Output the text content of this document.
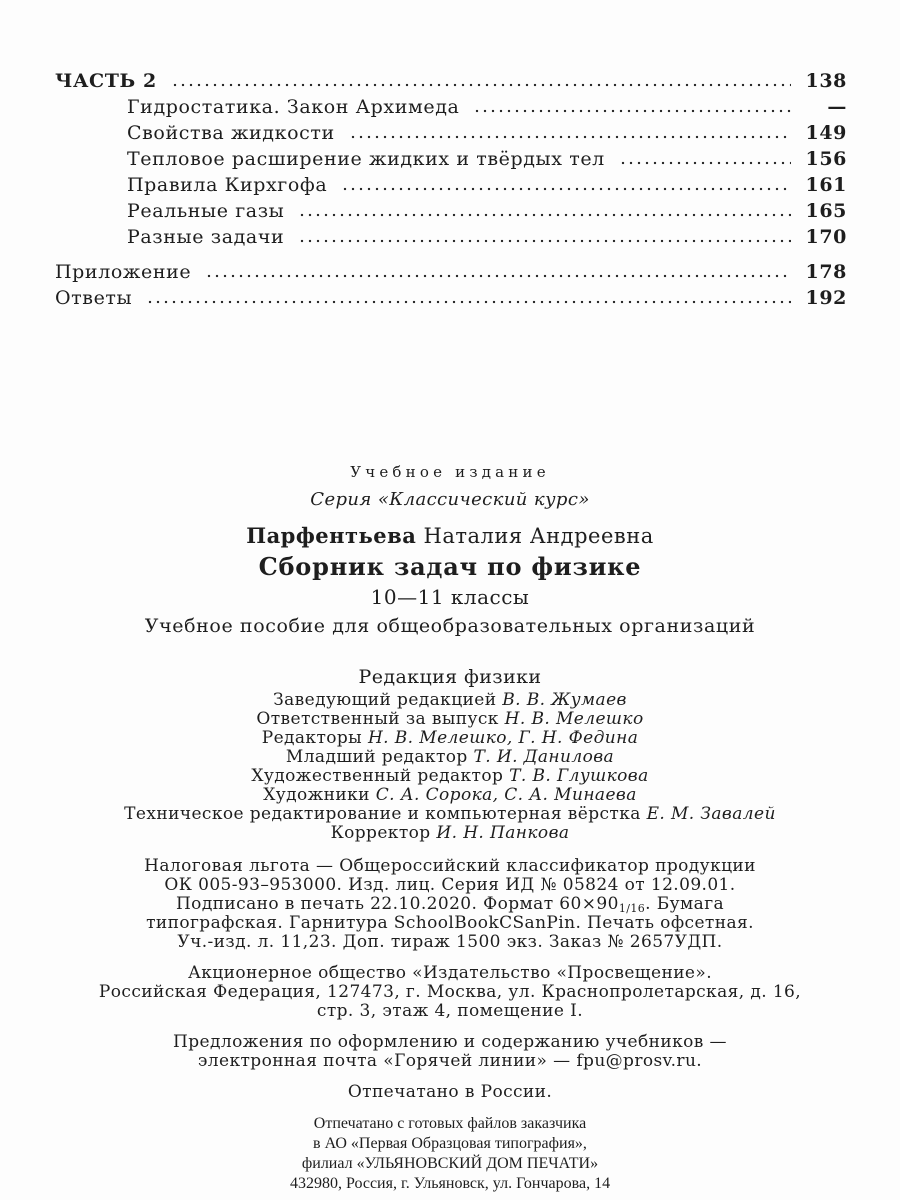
ЧАСТЬ 2	138
Гидростатика. Закон Архимеда	—
Свойства жидкости	149
Тепловое расширение жидких и твёрдых тел	156
Правила Кирхгофа	161
Реальные газы	165
Разные задачи	170
Приложение	178
Ответы	192
Учебное издание
Серия «Классический курс»
Парфентьева Наталия Андреевна
Сборник задач по физике
10—11 классы
Учебное пособие для общеобразовательных организаций
Редакция физики
Заведующий редакцией В. В. Жумаев
Ответственный за выпуск Н. В. Мелешко
Редакторы Н. В. Мелешко, Г. Н. Федина
Младший редактор Т. И. Данилова
Художественный редактор Т. В. Глушкова
Художники С. А. Сорока, С. А. Минаева
Техническое редактирование и компьютерная вёрстка Е. М. Завалей
Корректор И. Н. Панкова
Налоговая льгота — Общероссийский классификатор продукции
ОК 005-93–953000. Изд. лиц. Серия ИД № 05824 от 12.09.01.
Подписано в печать 22.10.2020. Формат 60×901/16. Бумага
типографская. Гарнитура SchoolBookCSanPin. Печать офсетная.
Уч.-изд. л. 11,23. Доп. тираж 1500 экз. Заказ № 2657УДП.
Акционерное общество «Издательство «Просвещение».
Российская Федерация, 127473, г. Москва, ул. Краснопролетарская, д. 16,
стр. 3, этаж 4, помещение I.
Предложения по оформлению и содержанию учебников —
электронная почта «Горячей линии» — fpu@prosv.ru.
Отпечатано в России.
Отпечатано с готовых файлов заказчика
в АО «Первая Образцовая типография»,
филиал «УЛЬЯНОВСКИЙ ДОМ ПЕЧАТИ»
432980, Россия, г. Ульяновск, ул. Гончарова, 14
